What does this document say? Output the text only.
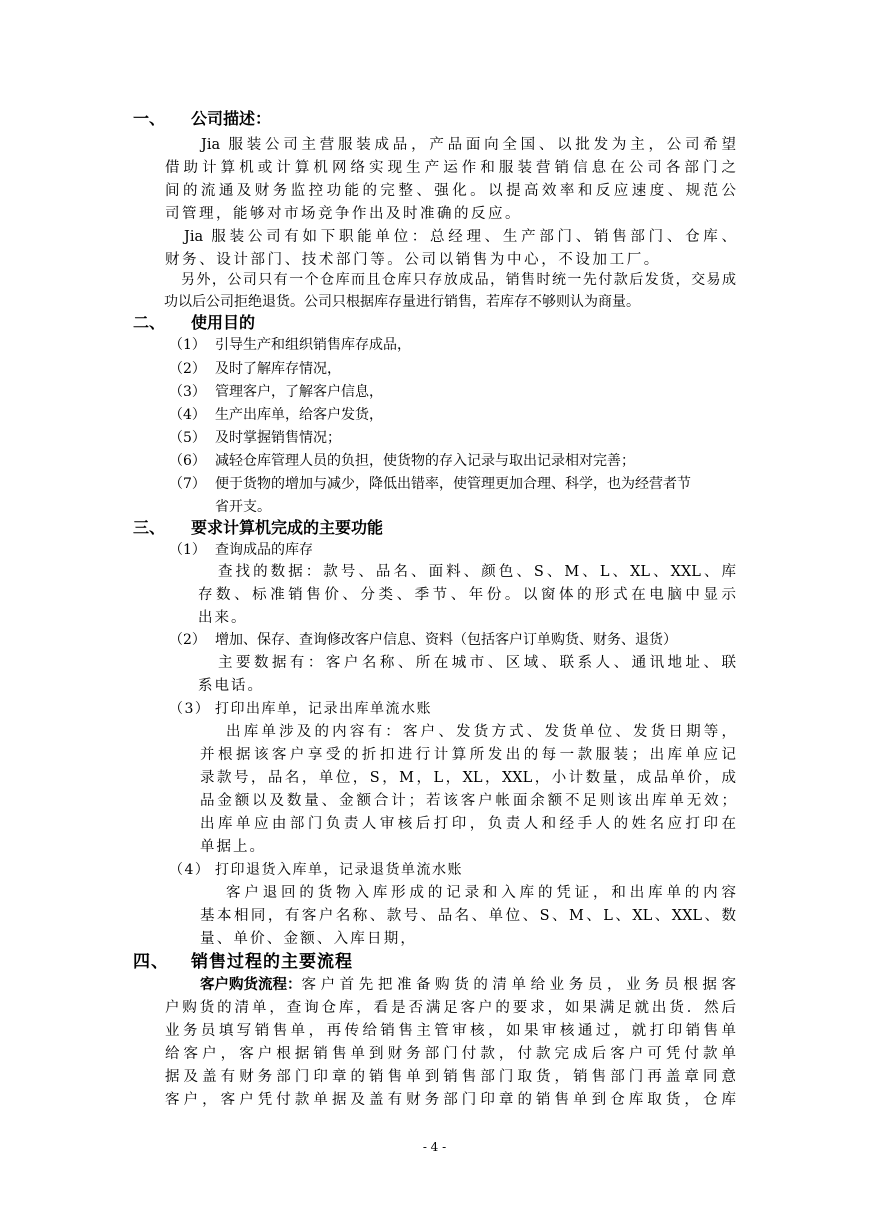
一、 公司描述：
Jia 服装公司主营服装成品，产品面向全国、以批发为主，公司希望
借助计算机或计算机网络实现生产运作和服装营销信息在公司各部门之
间的流通及财务监控功能的完整、强化。以提高效率和反应速度、规范公
司管理，能够对市场竞争作出及时准确的反应。
Jia 服装公司有如下职能单位：总经理、生产部门、销售部门、仓库、
财务、设计部门、技术部门等。公司以销售为中心，不设加工厂。
另外，公司只有一个仓库而且仓库只存放成品，销售时统一先付款后发货，交易成
功以后公司拒绝退货。公司只根据库存量进行销售，若库存不够则认为商量。
二、 使用目的
（1） 引导生产和组织销售库存成品，
（2） 及时了解库存情况，
（3） 管理客户，了解客户信息，
（4） 生产出库单，给客户发货，
（5） 及时掌握销售情况；
（6） 减轻仓库管理人员的负担，使货物的存入记录与取出记录相对完善；
（7） 便于货物的增加与减少，降低出错率，使管理更加合理、科学，也为经营者节
省开支。
三、 要求计算机完成的主要功能
（1） 查询成品的库存
查找的数据：款号、品名、面料、颜色、S、M、L、XL、XXL、库
存数、标准销售价、分类、季节、年份。以窗体的形式在电脑中显示
出来。
（2） 增加、保存、查询修改客户信息、资料（包括客户订单购货、财务、退货）
主要数据有：客户名称、所在城市、区域、联系人、通讯地址、联
系电话。
（3） 打印出库单，记录出库单流水账
出库单涉及的内容有：客户、发货方式、发货单位、发货日期等，
并根据该客户享受的折扣进行计算所发出的每一款服装；出库单应记
录款号，品名，单位，S，M，L，XL，XXL，小计数量，成品单价，成
品金额以及数量、金额合计；若该客户帐面余额不足则该出库单无效；
出库单应由部门负责人审核后打印，负责人和经手人的姓名应打印在
单据上。
（4） 打印退货入库单，记录退货单流水账
客户退回的货物入库形成的记录和入库的凭证，和出库单的内容
基本相同，有客户名称、款号、品名、单位、S、M、L、XL、XXL、数
量、单价、金额、入库日期，
四、 销售过程的主要流程
客户购货流程： 客户首先把准备购货的清单给业务员，业务员根据客
户购货的清单，查询仓库，看是否满足客户的要求，如果满足就出货．然后
业务员填写销售单，再传给销售主管审核，如果审核通过，就打印销售单
给客户，客户根据销售单到财务部门付款，付款完成后客户可凭付款单
据及盖有财务部门印章的销售单到销售部门取货，销售部门再盖章同意
客户，客户凭付款单据及盖有财务部门印章的销售单到仓库取货，仓库
- 4 -
